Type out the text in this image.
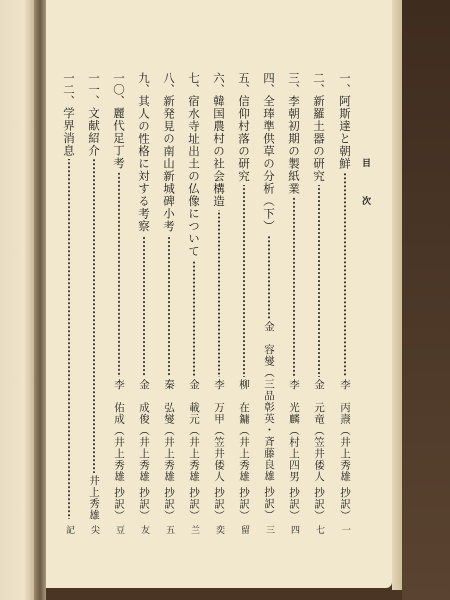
目　次
一、
阿斯達と朝鮮
李　丙燾（井上秀雄 抄訳）
一
二、
新羅土器の研究
金　元竜（笠井倭人 抄訳）
七
三、
李朝初期の製紙業
李　光麟（村上四男 抄訳）
四
四、
全琫準供草の分析（下）
金　容燮（三品彰英・斉藤良雄 抄訳）
三
五、
信仰村落の研究
柳　在鏞（井上秀雄 抄訳）
留
六、
韓国農村の社会構造
李　万甲（笠井倭人 抄訳）
奕
七、
宿水寺址出土の仏像について
金　載元（井上秀雄 抄訳）
兰
八、
新発見の南山新城碑小考
秦　弘燮（井上秀雄 抄訳）
五
九、
其人の性格に対する考察
金　成俊（井上秀雄 抄訳）
友
一〇、
麗代足丁考
李　佑成（井上秀雄 抄訳）
豆
一一、
文献紹介
井上秀雄
尖
一二、
学界消息
記
